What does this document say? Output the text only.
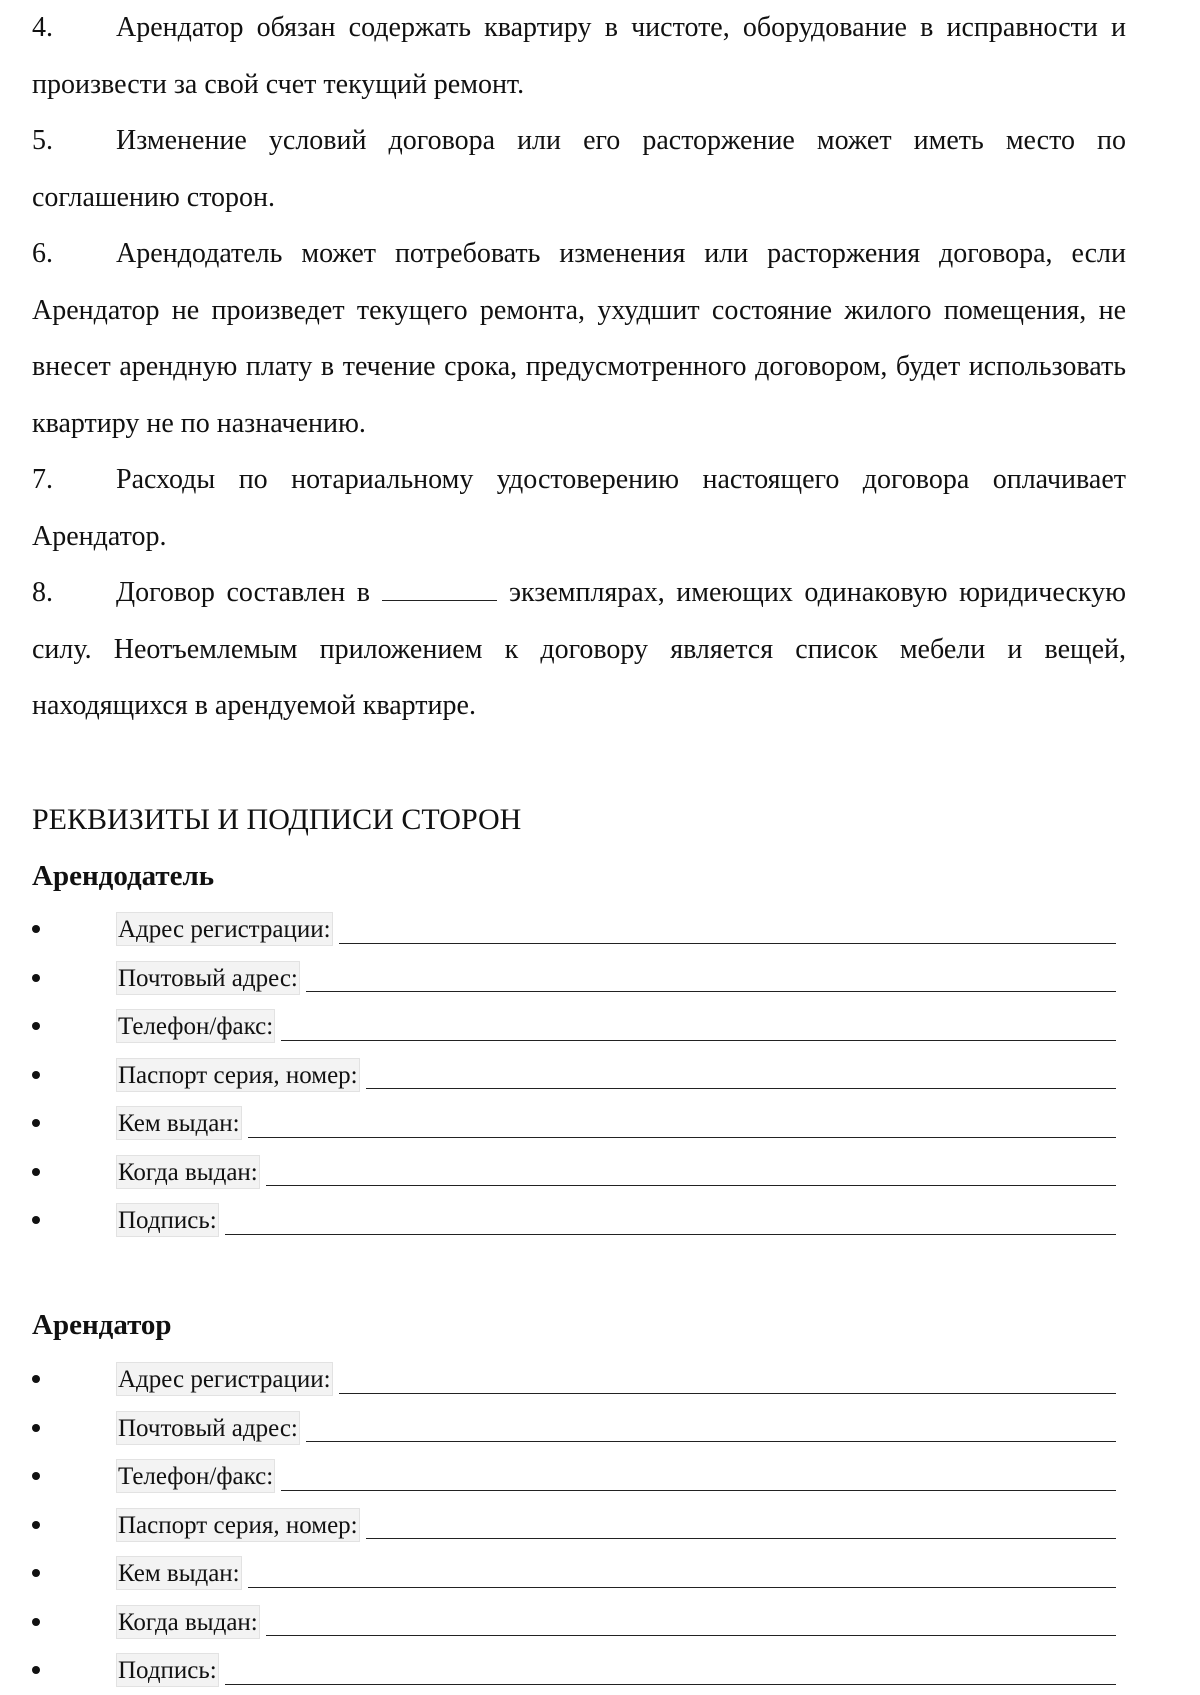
4. Арендатор обязан содержать квартиру в чистоте, оборудование в исправности и произвести за свой счет текущий ремонт.

5. Изменение условий договора или его расторжение может иметь место по соглашению сторон.

6. Арендодатель может потребовать изменения или расторжения договора, если Арендатор не произведет текущего ремонта, ухудшит состояние жилого помещения, не внесет арендную плату в течение срока, предусмотренного договором, будет использовать квартиру не по назначению.

7. Расходы по нотариальному удостоверению настоящего договора оплачивает Арендатор.

8. Договор составлен в	экземплярах, имеющих одинаковую юридическую силу. Неотъемлемым приложением к договору является список мебели и вещей, находящихся в арендуемой квартире.

РЕКВИЗИТЫ И ПОДПИСИ СТОРОН
Арендодатель
Адрес регистрации:
Почтовый адрес:
Телефон/факс:
Паспорт серия, номер:
Кем выдан:
Когда выдан:
Подпись:
Арендатор
Адрес регистрации:
Почтовый адрес:
Телефон/факс:
Паспорт серия, номер:
Кем выдан:
Когда выдан:
Подпись:
